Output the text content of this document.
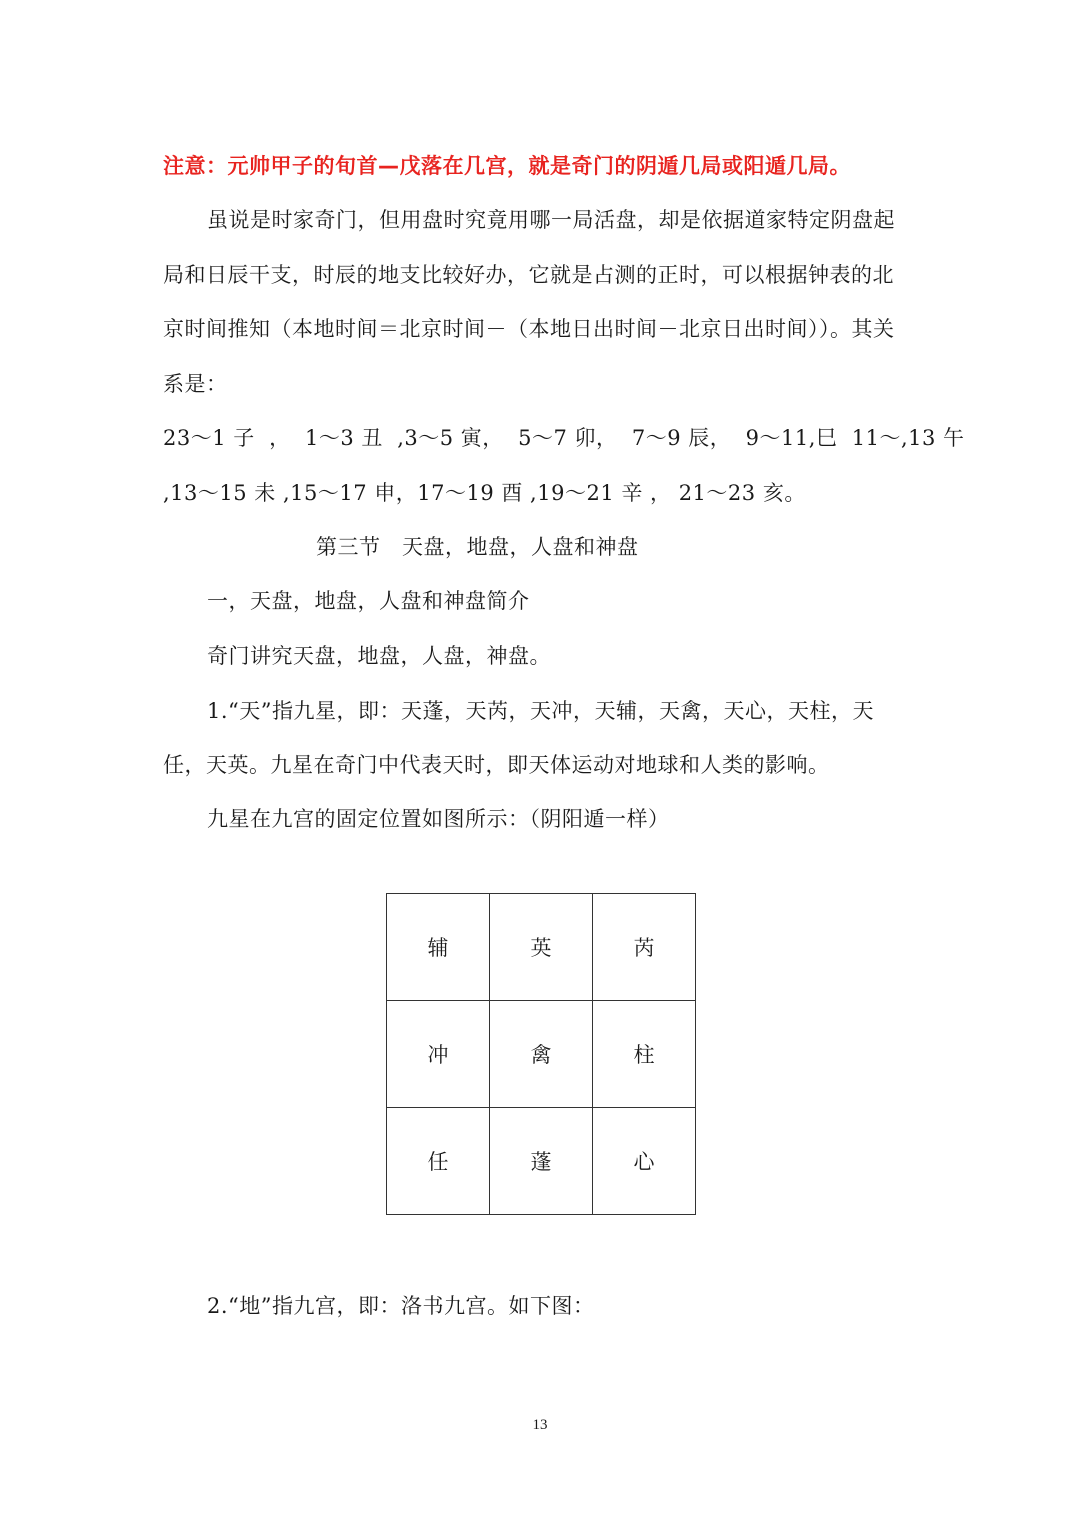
注意：元帅甲子的旬首—戊落在几宫，就是奇门的阴遁几局或阳遁几局。
虽说是时家奇门，但用盘时究竟用哪一局活盘，却是依据道家特定阴盘起
局和日辰干支，时辰的地支比较好办，它就是占测的正时，可以根据钟表的北
京时间推知（本地时间＝北京时间－（本地日出时间－北京日出时间））。其关
系是：
23～1 子  ，  1～3 丑  ,3～5 寅，  5～7 卯，  7～9 辰，  9～11,巳  11～,13 午
,13～15 未 ,15～17 申，17～19 酉 ,19～21 辛 ， 21～23 亥。
第三节   天盘，地盘，人盘和神盘
一，天盘，地盘，人盘和神盘简介
奇门讲究天盘，地盘，人盘，神盘。
1.“天”指九星，即：天蓬，天芮，天冲，天辅，天禽，天心，天柱，天
任，天英。九星在奇门中代表天时，即天体运动对地球和人类的影响。
九星在九宫的固定位置如图所示：（阴阳遁一样）
辅	英	芮
冲	禽	柱
任	蓬	心
2.“地”指九宫，即：洛书九宫。如下图：
13
